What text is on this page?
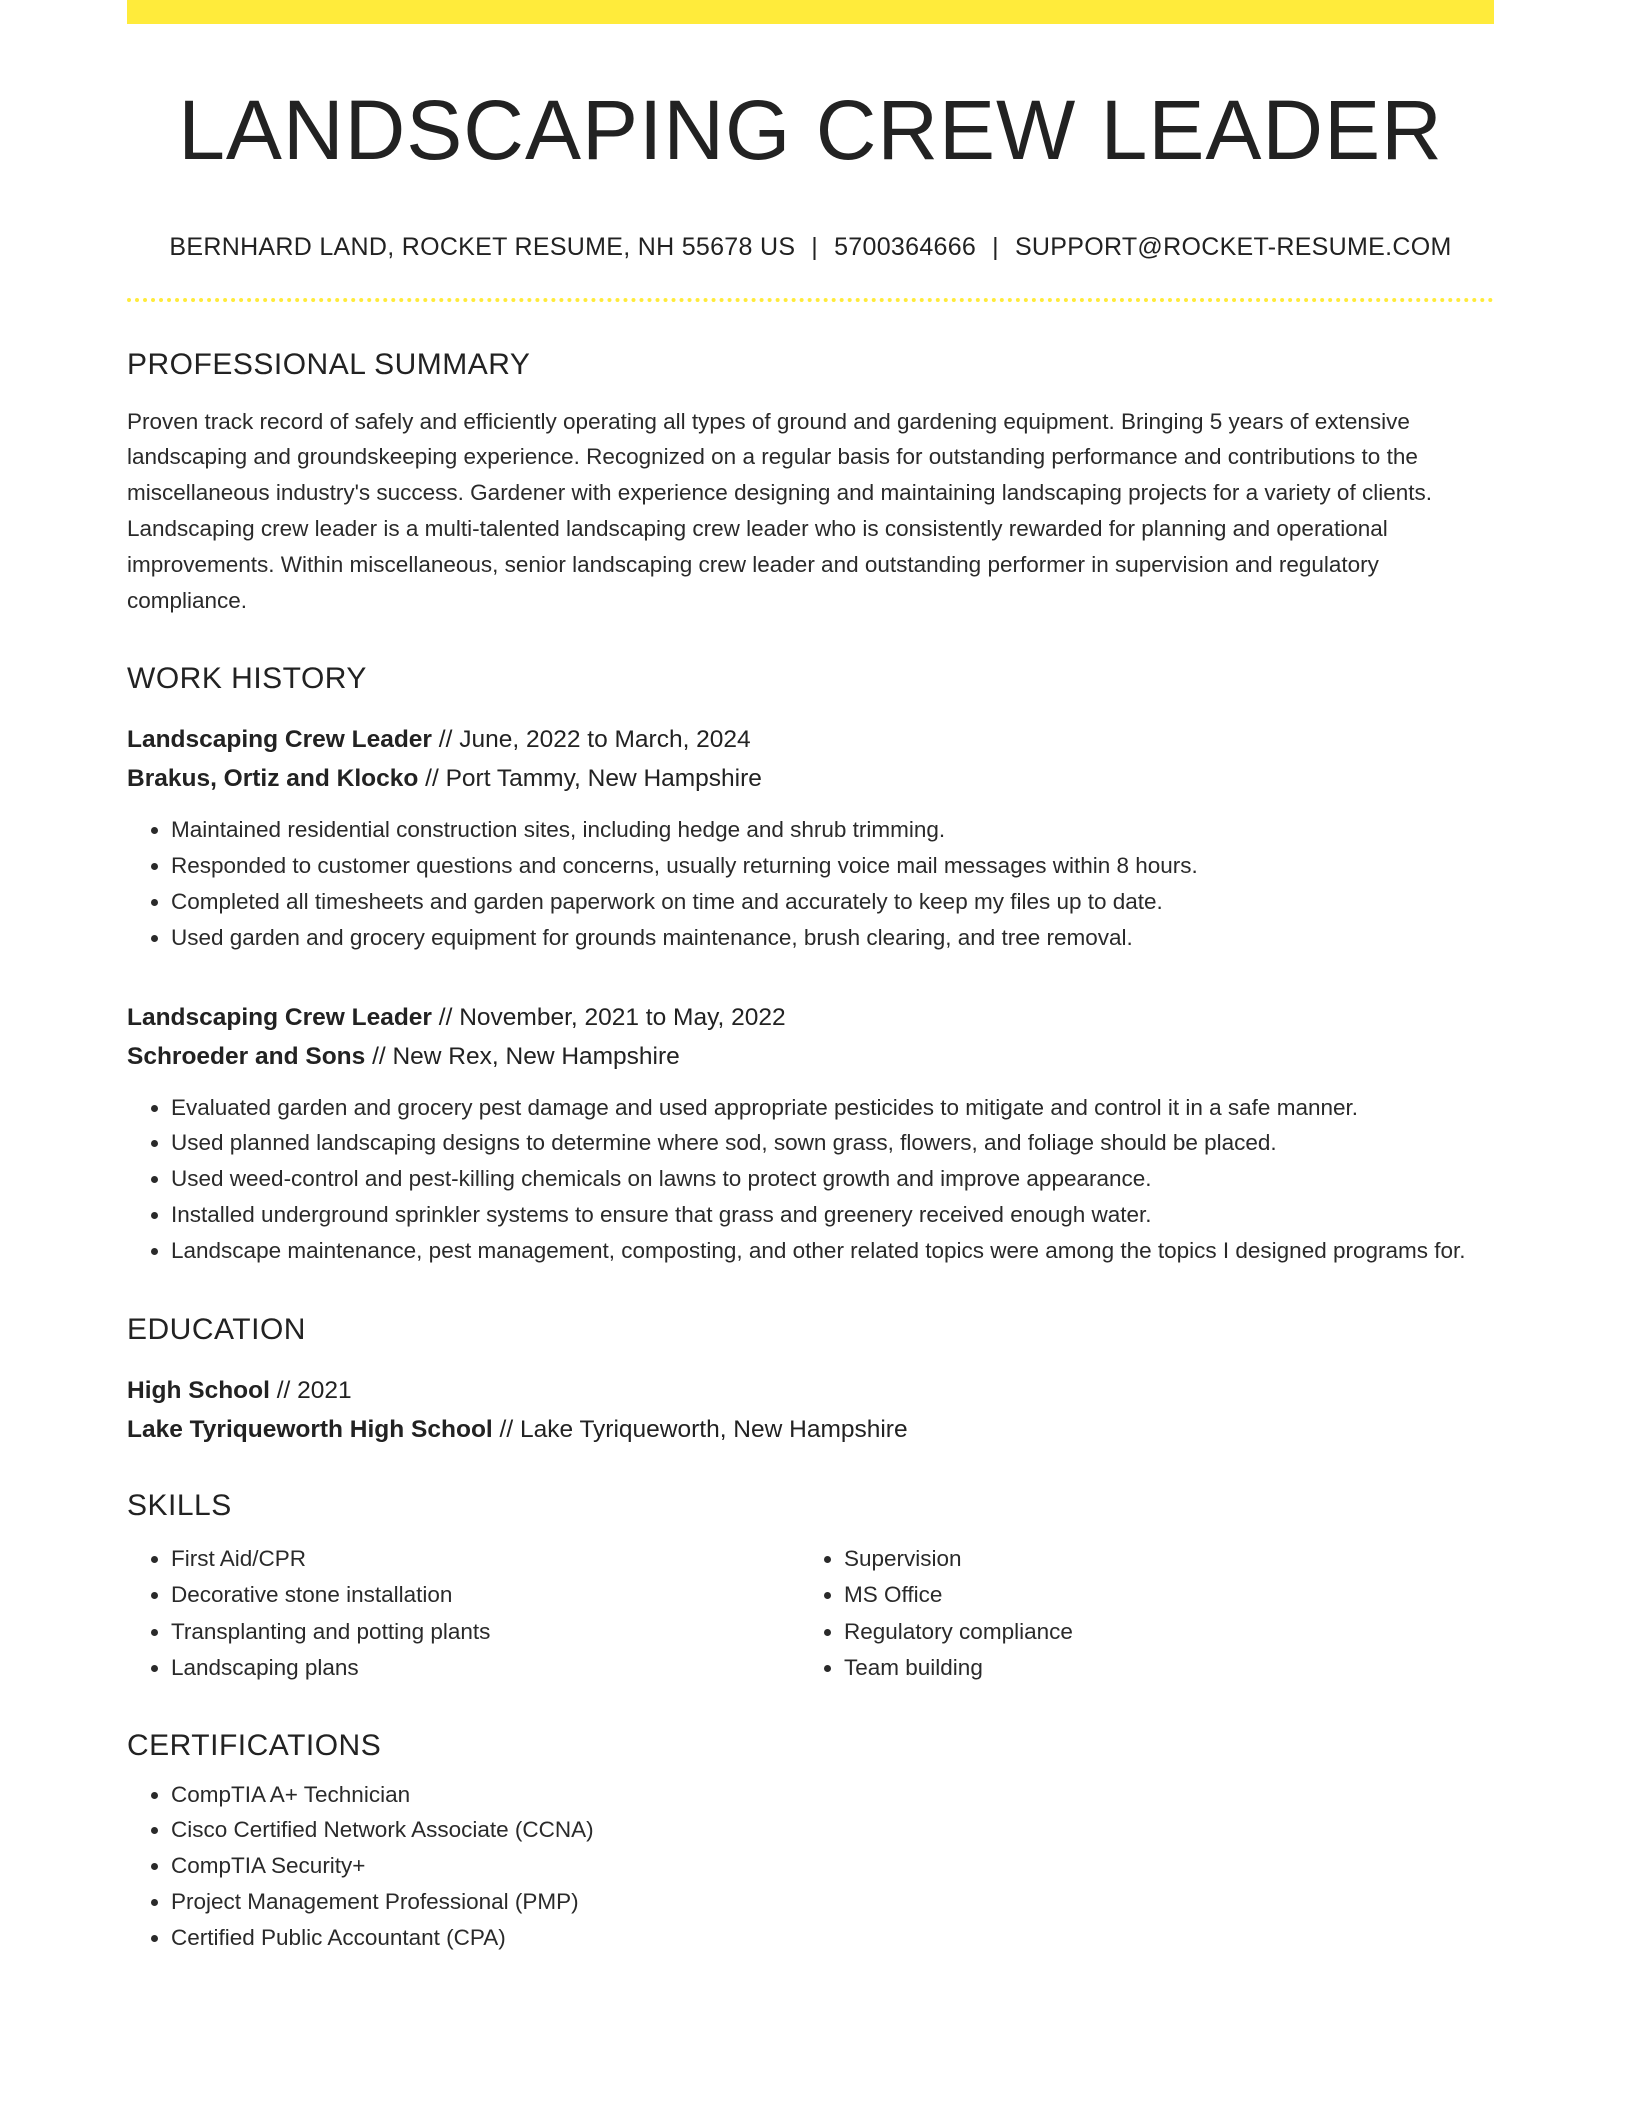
LANDSCAPING CREW LEADER
BERNHARD LAND, ROCKET RESUME, NH 55678 US | 5700364666 | SUPPORT@ROCKET-RESUME.COM
PROFESSIONAL SUMMARY
Proven track record of safely and efficiently operating all types of ground and gardening equipment. Bringing 5 years of extensive landscaping and groundskeeping experience. Recognized on a regular basis for outstanding performance and contributions to the miscellaneous industry's success. Gardener with experience designing and maintaining landscaping projects for a variety of clients. Landscaping crew leader is a multi-talented landscaping crew leader who is consistently rewarded for planning and operational improvements. Within miscellaneous, senior landscaping crew leader and outstanding performer in supervision and regulatory compliance.
WORK HISTORY
Landscaping Crew Leader // June, 2022 to March, 2024
Brakus, Ortiz and Klocko // Port Tammy, New Hampshire
• Maintained residential construction sites, including hedge and shrub trimming.
• Responded to customer questions and concerns, usually returning voice mail messages within 8 hours.
• Completed all timesheets and garden paperwork on time and accurately to keep my files up to date.
• Used garden and grocery equipment for grounds maintenance, brush clearing, and tree removal.
Landscaping Crew Leader // November, 2021 to May, 2022
Schroeder and Sons // New Rex, New Hampshire
• Evaluated garden and grocery pest damage and used appropriate pesticides to mitigate and control it in a safe manner.
• Used planned landscaping designs to determine where sod, sown grass, flowers, and foliage should be placed.
• Used weed-control and pest-killing chemicals on lawns to protect growth and improve appearance.
• Installed underground sprinkler systems to ensure that grass and greenery received enough water.
• Landscape maintenance, pest management, composting, and other related topics were among the topics I designed programs for.
EDUCATION
High School // 2021
Lake Tyriqueworth High School // Lake Tyriqueworth, New Hampshire
SKILLS
• First Aid/CPR
• Decorative stone installation
• Transplanting and potting plants
• Landscaping plans
• Supervision
• MS Office
• Regulatory compliance
• Team building
CERTIFICATIONS
• CompTIA A+ Technician
• Cisco Certified Network Associate (CCNA)
• CompTIA Security+
• Project Management Professional (PMP)
• Certified Public Accountant (CPA)
